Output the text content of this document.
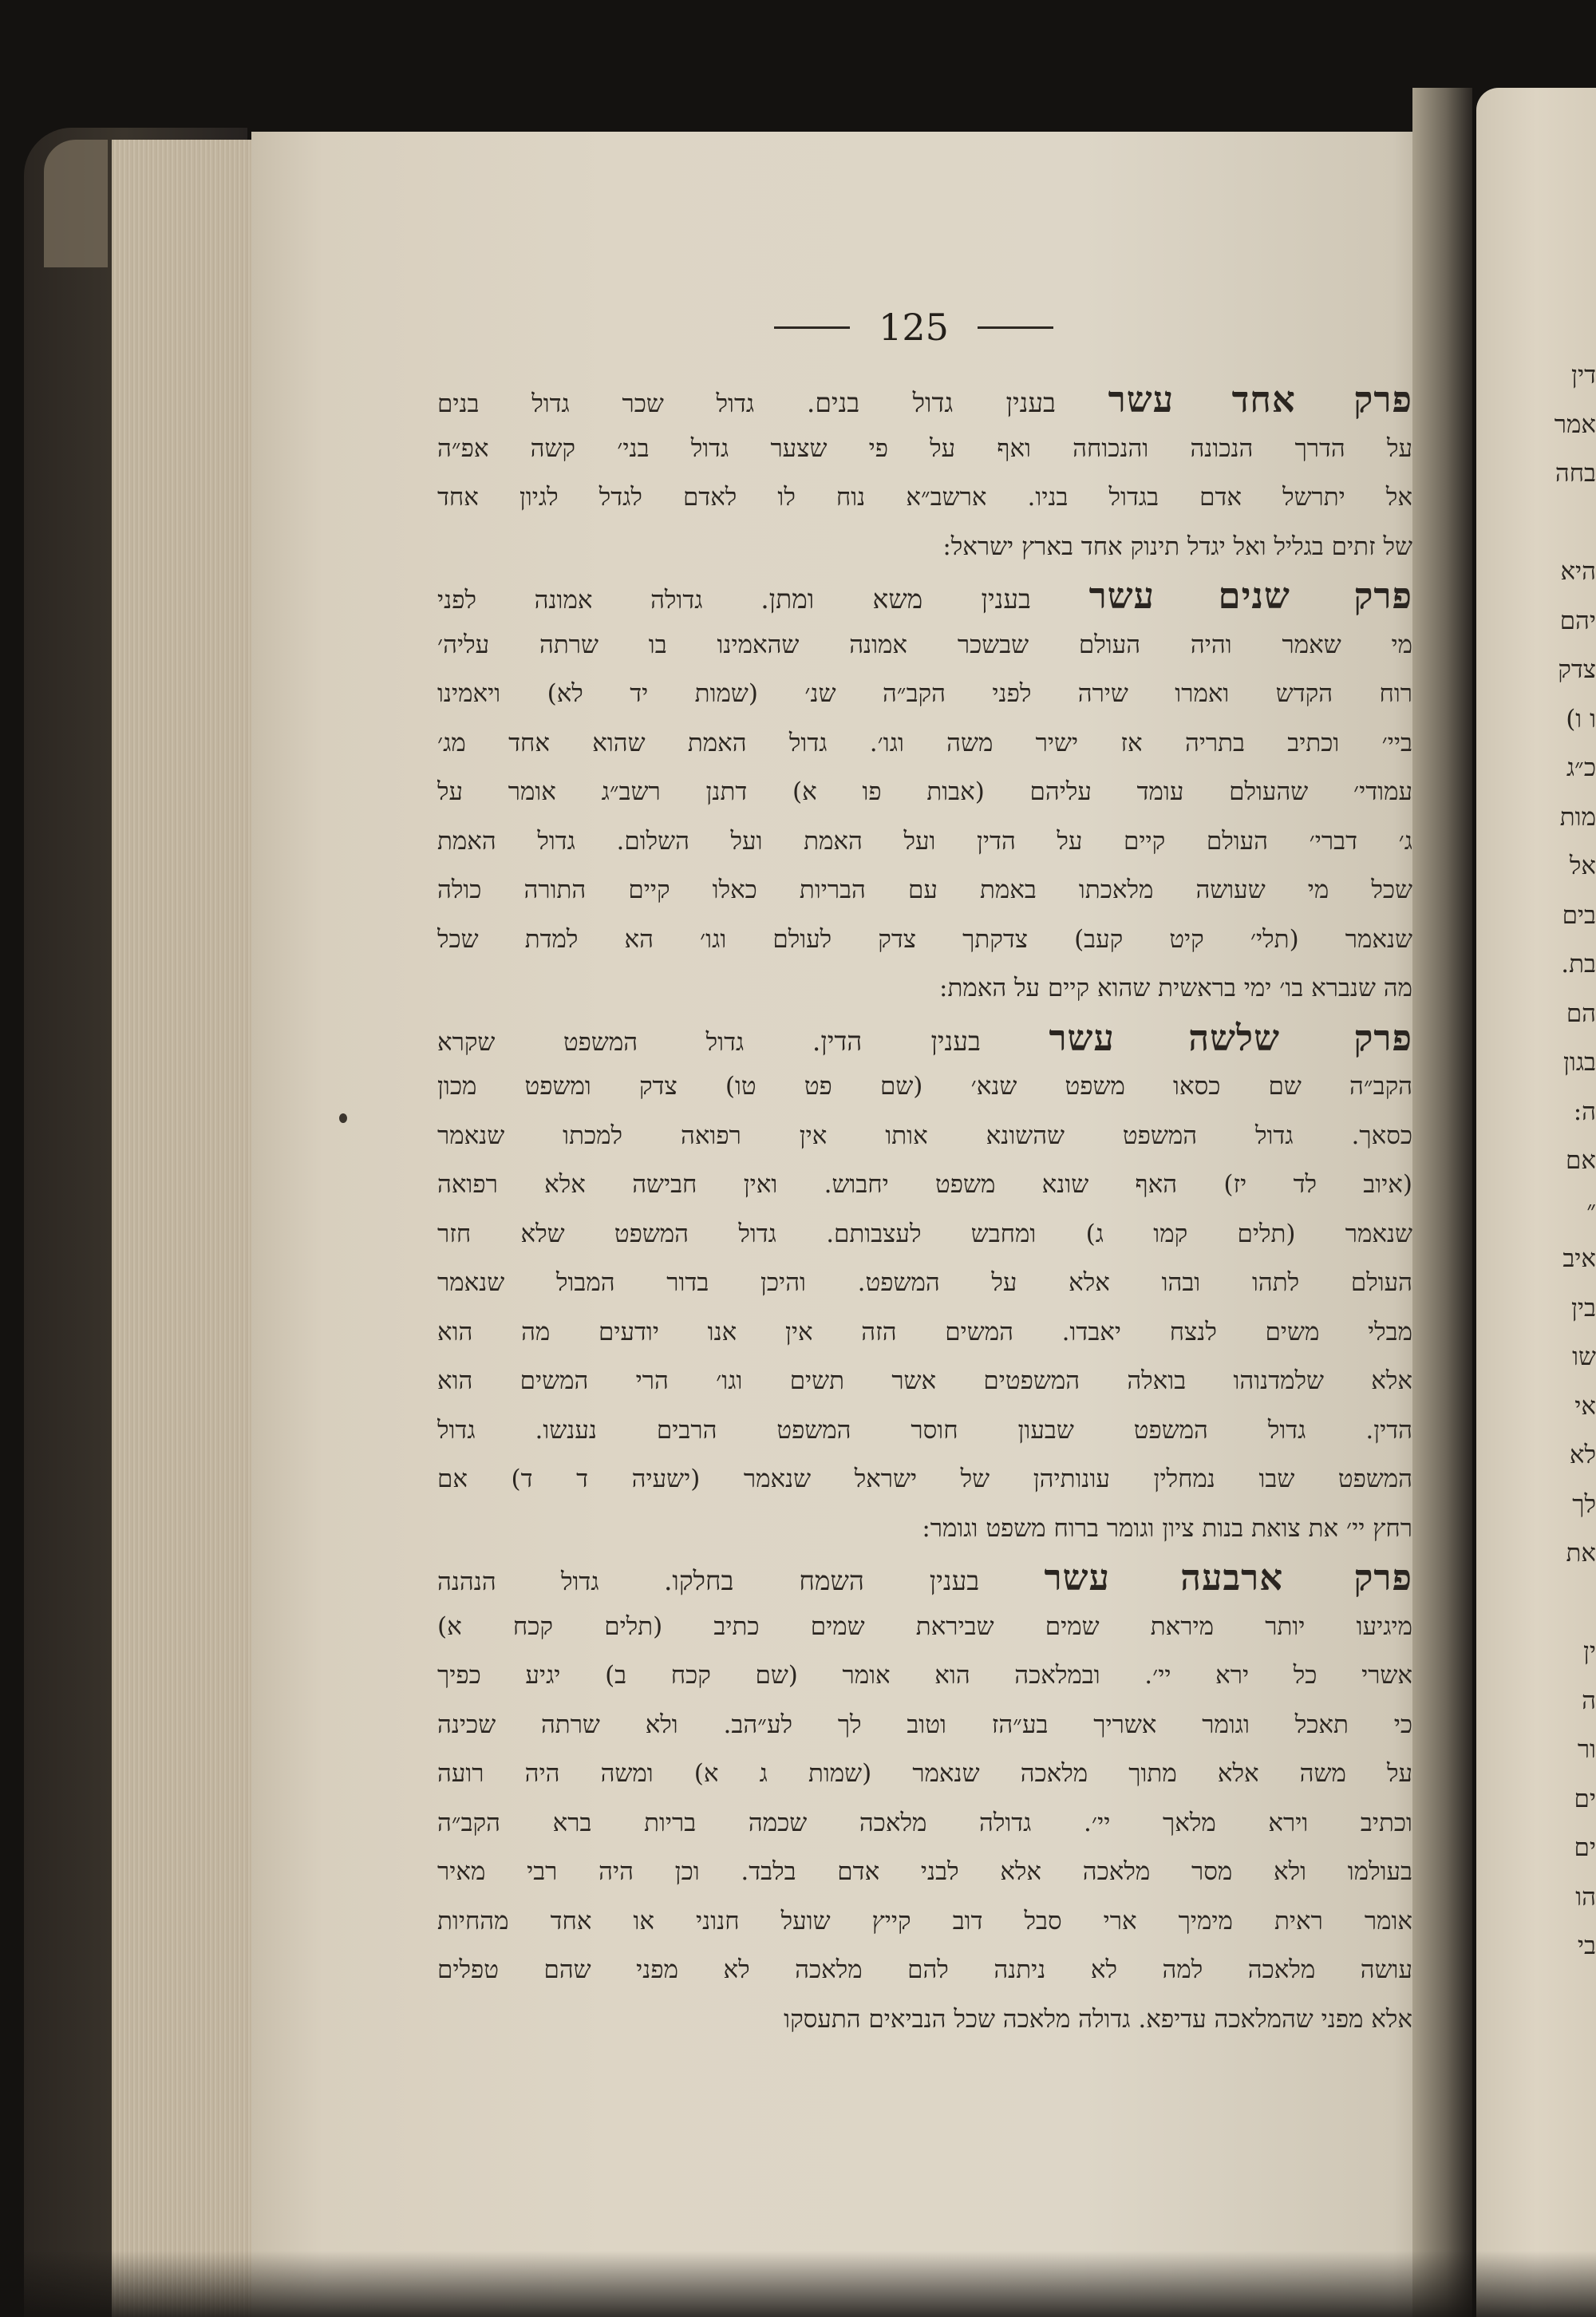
125
פרק אחד עשר בענין גדול בנים. גדול שכר גדול בנים
על הדרך הנכונה והנכוחה ואף על פי שצער גדול בני׳ קשה אפ״ה
אל יתרשל אדם בגדול בניו. ארשב״א נוח לו לאדם לגדל לגיון אחד
של זתים בגליל ואל יגדל תינוק אחד בארץ ישראל:
פרק שנים עשר בענין משא ומתן. גדולה אמונה לפני
מי שאמר והיה העולם שבשכר אמונה שהאמינו בו שרתה עליה׳
רוח הקדש ואמרו שירה לפני הקב״ה שנ׳ (שמות יד לא) ויאמינו
ביי׳ וכתיב בתריה אז ישיר משה וגו׳. גדול האמת שהוא אחד מג׳
עמודי׳ שהעולם עומד עליהם (אבות פו א) דתנן רשב״ג אומר על
ג׳ דברי׳ העולם קיים על הדין ועל האמת ועל השלום. גדול האמת
שכל מי שעושה מלאכתו באמת עם הבריות כאלו קיים התורה כולה
שנאמר (תלי׳ קיט קעב) צדקתך צדק לעולם וגו׳ הא למדת שכל
מה שנברא בו׳ ימי בראשית שהוא קיים על האמת:
פרק שלשה עשר בענין הדין. גדול המשפט שקרא
הקב״ה שם כסאו משפט שנא׳ (שם פט טו) צדק ומשפט מכון
כסאך. גדול המשפט שהשונא אותו אין רפואה למכתו שנאמר
(איוב לד יז) האף שונא משפט יחבוש. ואין חבישה אלא רפואה
שנאמר (תלים קמו ג) ומחבש לעצבותם. גדול המשפט שלא חזר
העולם לתהו ובהו אלא על המשפט. והיכן בדור המבול שנאמר
מבלי משים לנצח יאבדו. המשים הזה אין אנו יודעים מה הוא
אלא שלמדנוהו בואלה המשפטים אשר תשים וגו׳ הרי המשים הוא
הדין. גדול המשפט שבעון חוסר המשפט הרבים נענשו. גדול
המשפט שבו נמחלין עונותיהן של ישראל שנאמר (ישעיה ד ד) אם
רחץ יי׳ את צואת בנות ציון וגומר ברוח משפט וגומר:
פרק ארבעה עשר בענין השמח בחלקו. גדול הנהנה
מיגיעו יותר מיראת שמים שביראת שמים כתיב (תלים קכח א)
אשרי כל ירא יי׳. ובמלאכה הוא אומר (שם קכח ב) יגיע כפיך
כי תאכל וגומר אשריך בע״הז וטוב לך לע״הב. ולא שרתה שכינה
על משה אלא מתוך מלאכה שנאמר (שמות ג א) ומשה היה רועה
וכתיב וירא מלאך יי׳. גדולה מלאכה שכמה בריות ברא הקב״ה
בעולמו ולא מסר מלאכה אלא לבני אדם בלבד. וכן היה רבי מאיר
אומר ראית מימיך ארי סבל דוב קייץ שועל חנוני או אחד מהחיות
עושה מלאכה למה לא ניתנה להם מלאכה לא מפני שהם טפלים
אלא מפני שהמלאכה עדיפא. גדולה מלאכה שכל הנביאים התעסקו
דין
אמר
בחה
היא
יהם
צדק
ו ו)
כ״ג
מות
אל
בים
בת.
הם
בגון
ה:
אם
״
איב
בין
שו
אי
לא
לך
את
ין
ה
ור
ים
ים
הו
בי
